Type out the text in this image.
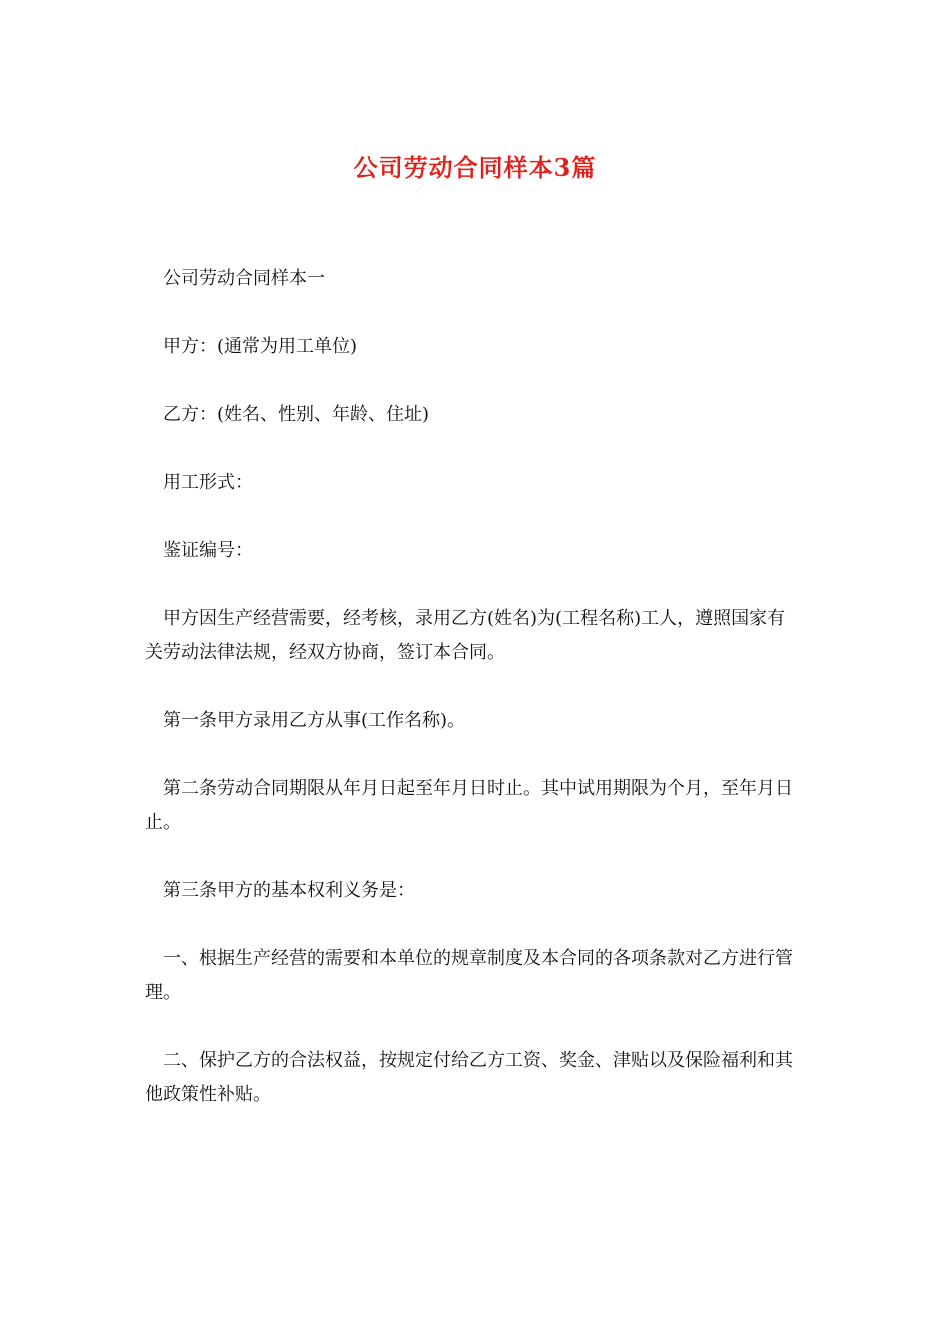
公司劳动合同样本3篇

公司劳动合同样本一

甲方：(通常为用工单位)

乙方：(姓名、性别、年龄、住址)

用工形式：

鉴证编号：

甲方因生产经营需要，经考核，录用乙方(姓名)为(工程名称)工人，遵照国家有关劳动法律法规，经双方协商，签订本合同。

第一条甲方录用乙方从事(工作名称)。

第二条劳动合同期限从年月日起至年月日时止。其中试用期限为个月，至年月日止。

第三条甲方的基本权利义务是：

一、根据生产经营的需要和本单位的规章制度及本合同的各项条款对乙方进行管理。

二、保护乙方的合法权益，按规定付给乙方工资、奖金、津贴以及保险福利和其他政策性补贴。
